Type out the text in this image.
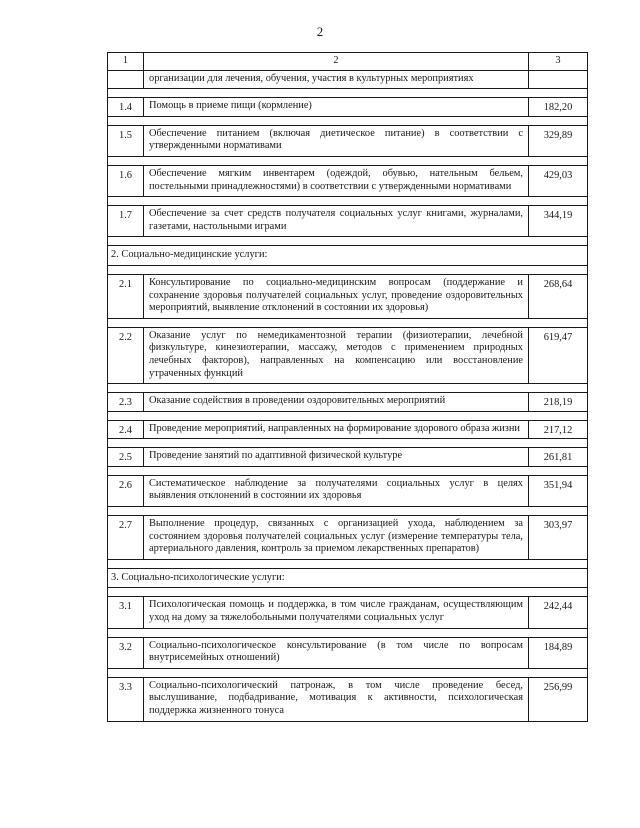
2
1	2	3
	организации для лечения, обучения, участия в культурных мероприятиях	

1.4	Помощь в приеме пищи (кормление)	182,20

1.5	Обеспечение питанием (включая диетическое питание) в соответствии с утвержденными нормативами	329,89

1.6	Обеспечение мягким инвентарем (одеждой, обувью, нательным бельем, постельными принадлежностями) в соответствии с утвержденными нормативами	429,03

1.7	Обеспечение за счет средств получателя социальных услуг книгами, журналами, газетами, настольными играми	344,19

2. Социально-медицинские услуги:		

2.1	Консультирование по социально-медицинским вопросам (поддержание и сохранение здоровья получателей социальных услуг, проведение оздоровительных мероприятий, выявление отклонений в состоянии их здоровья)	268,64

2.2	Оказание услуг по немедикаментозной терапии (физиотерапии, лечебной физкультуре, кинезиотерапии, массажу, методов с применением природных лечебных факторов), направленных на компенсацию или восстановление утраченных функций	619,47

2.3	Оказание содействия в проведении оздоровительных мероприятий	218,19

2.4	Проведение мероприятий, направленных на формирование здорового образа жизни	217,12

2.5	Проведение занятий по адаптивной физической культуре	261,81

2.6	Систематическое наблюдение за получателями социальных услуг в целях выявления отклонений в состоянии их здоровья	351,94

2.7	Выполнение процедур, связанных с организацией ухода, наблюдением за состоянием здоровья получателей социальных услуг (измерение температуры тела, артериального давления, контроль за приемом лекарственных препаратов)	303,97

3. Социально-психологические услуги:		

3.1	Психологическая помощь и поддержка, в том числе гражданам, осуществляющим уход на дому за тяжелобольными получателями социальных услуг	242,44

3.2	Социально-психологическое консультирование (в том числе по вопросам внутрисемейных отношений)	184,89

3.3	Социально-психологический патронаж, в том числе проведение бесед, выслушивание, подбадривание, мотивация к активности, психологическая поддержка жизненного тонуса	256,99
